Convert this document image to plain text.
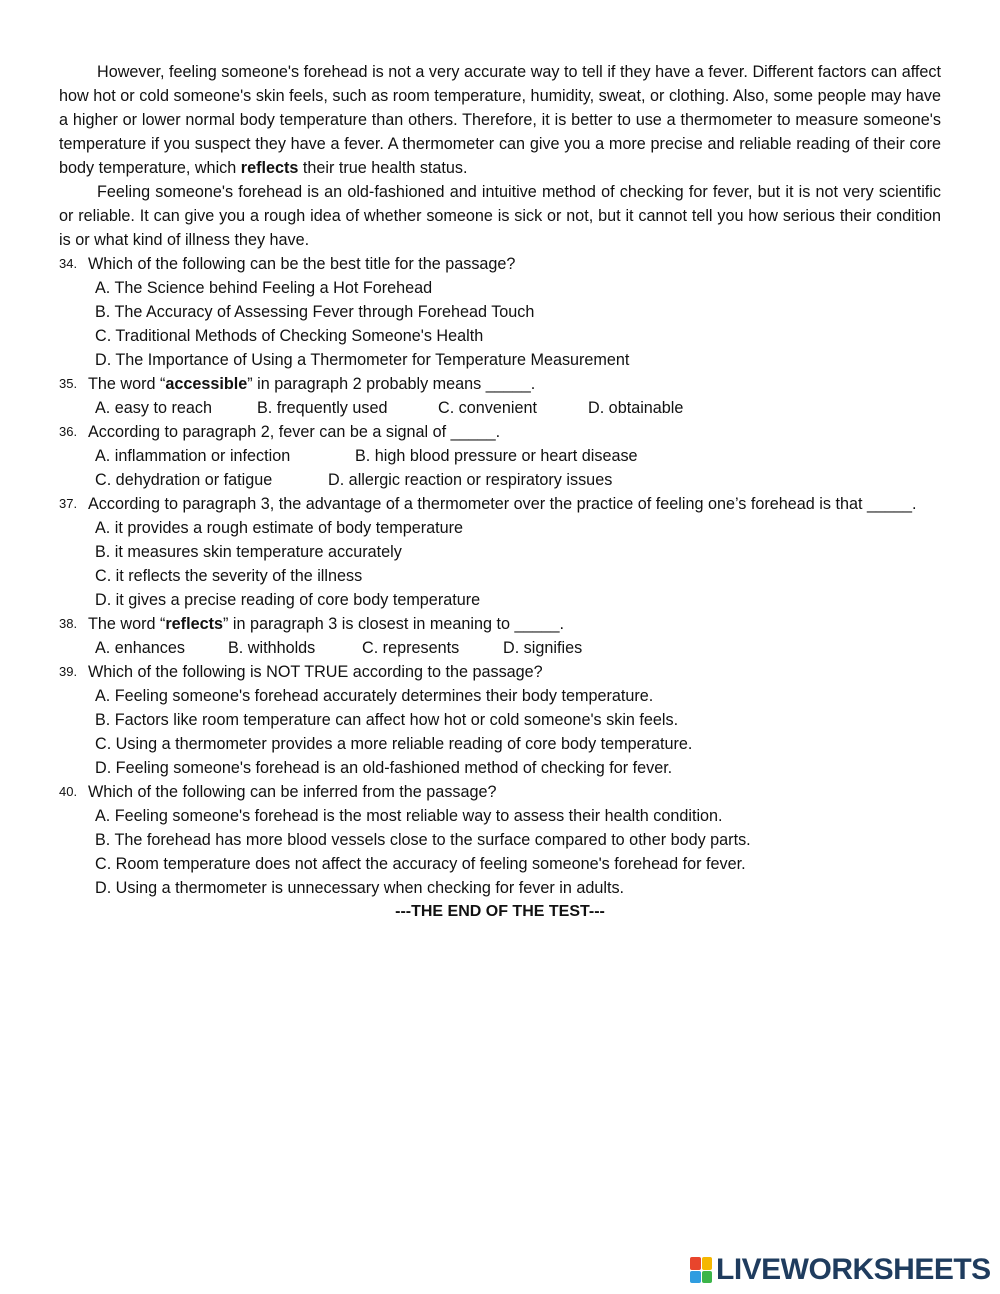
However, feeling someone's forehead is not a very accurate way to tell if they have a fever. Different factors can affect how hot or cold someone's skin feels, such as room temperature, humidity, sweat, or clothing. Also, some people may have a higher or lower normal body temperature than others. Therefore, it is better to use a thermometer to measure someone's temperature if you suspect they have a fever. A thermometer can give you a more precise and reliable reading of their core body temperature, which reflects their true health status.

Feeling someone's forehead is an old-fashioned and intuitive method of checking for fever, but it is not very scientific or reliable. It can give you a rough idea of whether someone is sick or not, but it cannot tell you how serious their condition is or what kind of illness they have.

34. Which of the following can be the best title for the passage?

A. The Science behind Feeling a Hot Forehead

B. The Accuracy of Assessing Fever through Forehead Touch

C. Traditional Methods of Checking Someone's Health

D. The Importance of Using a Thermometer for Temperature Measurement

35. The word “accessible” in paragraph 2 probably means _____.
A. easy to reach	B. frequently used	C. convenient	D. obtainable
36. According to paragraph 2, fever can be a signal of _____.
A. inflammation or infection	B. high blood pressure or heart disease
C. dehydration or fatigue	D. allergic reaction or respiratory issues
37. According to paragraph 3, the advantage of a thermometer over the practice of feeling one’s forehead is that _____.

A. it provides a rough estimate of body temperature

B. it measures skin temperature accurately

C. it reflects the severity of the illness

D. it gives a precise reading of core body temperature

38. The word “reflects” in paragraph 3 is closest in meaning to _____.
A. enhances	B. withholds	C. represents	D. signifies
39. Which of the following is NOT TRUE according to the passage?

A. Feeling someone's forehead accurately determines their body temperature.

B. Factors like room temperature can affect how hot or cold someone's skin feels.

C. Using a thermometer provides a more reliable reading of core body temperature.

D. Feeling someone's forehead is an old-fashioned method of checking for fever.

40. Which of the following can be inferred from the passage?

A. Feeling someone's forehead is the most reliable way to assess their health condition.

B. The forehead has more blood vessels close to the surface compared to other body parts.

C. Room temperature does not affect the accuracy of feeling someone's forehead for fever.

D. Using a thermometer is unnecessary when checking for fever in adults.

---THE END OF THE TEST---

LIVEWORKSHEETS
